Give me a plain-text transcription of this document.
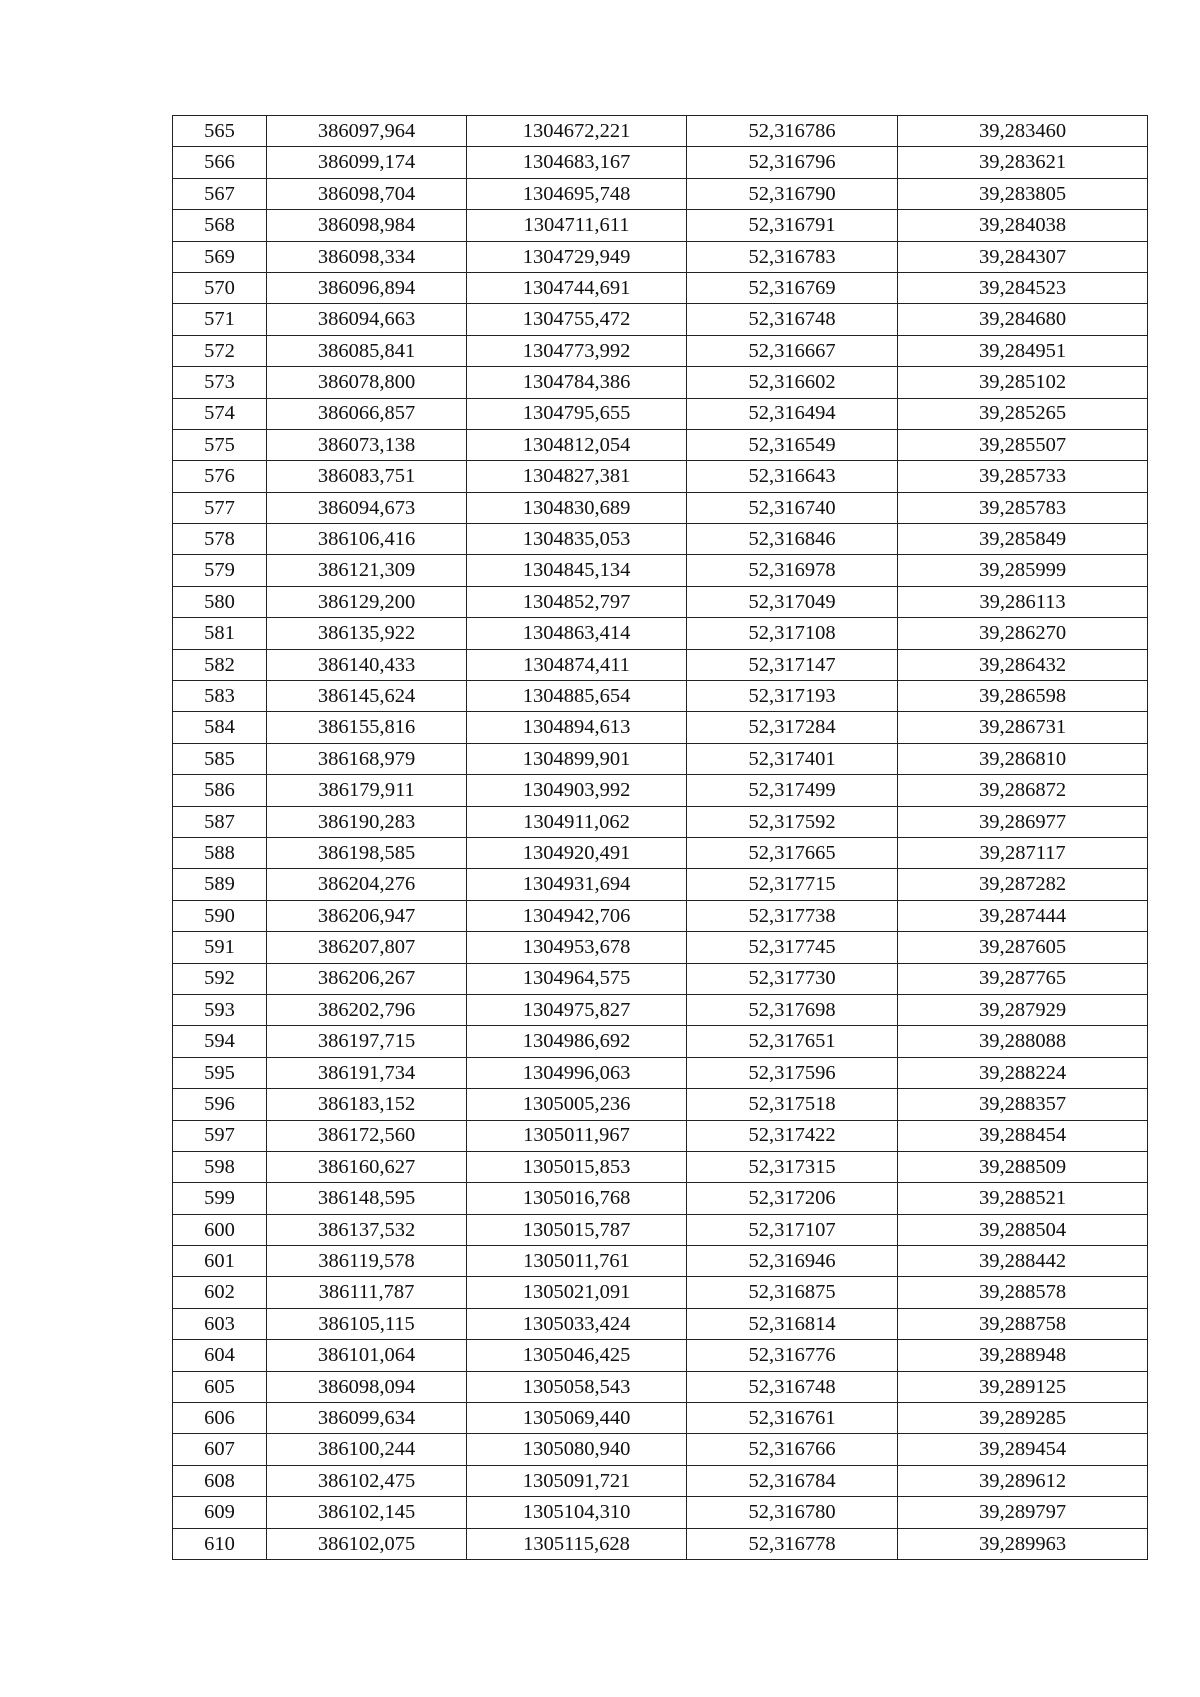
565	386097,964	1304672,221	52,316786	39,283460
566	386099,174	1304683,167	52,316796	39,283621
567	386098,704	1304695,748	52,316790	39,283805
568	386098,984	1304711,611	52,316791	39,284038
569	386098,334	1304729,949	52,316783	39,284307
570	386096,894	1304744,691	52,316769	39,284523
571	386094,663	1304755,472	52,316748	39,284680
572	386085,841	1304773,992	52,316667	39,284951
573	386078,800	1304784,386	52,316602	39,285102
574	386066,857	1304795,655	52,316494	39,285265
575	386073,138	1304812,054	52,316549	39,285507
576	386083,751	1304827,381	52,316643	39,285733
577	386094,673	1304830,689	52,316740	39,285783
578	386106,416	1304835,053	52,316846	39,285849
579	386121,309	1304845,134	52,316978	39,285999
580	386129,200	1304852,797	52,317049	39,286113
581	386135,922	1304863,414	52,317108	39,286270
582	386140,433	1304874,411	52,317147	39,286432
583	386145,624	1304885,654	52,317193	39,286598
584	386155,816	1304894,613	52,317284	39,286731
585	386168,979	1304899,901	52,317401	39,286810
586	386179,911	1304903,992	52,317499	39,286872
587	386190,283	1304911,062	52,317592	39,286977
588	386198,585	1304920,491	52,317665	39,287117
589	386204,276	1304931,694	52,317715	39,287282
590	386206,947	1304942,706	52,317738	39,287444
591	386207,807	1304953,678	52,317745	39,287605
592	386206,267	1304964,575	52,317730	39,287765
593	386202,796	1304975,827	52,317698	39,287929
594	386197,715	1304986,692	52,317651	39,288088
595	386191,734	1304996,063	52,317596	39,288224
596	386183,152	1305005,236	52,317518	39,288357
597	386172,560	1305011,967	52,317422	39,288454
598	386160,627	1305015,853	52,317315	39,288509
599	386148,595	1305016,768	52,317206	39,288521
600	386137,532	1305015,787	52,317107	39,288504
601	386119,578	1305011,761	52,316946	39,288442
602	386111,787	1305021,091	52,316875	39,288578
603	386105,115	1305033,424	52,316814	39,288758
604	386101,064	1305046,425	52,316776	39,288948
605	386098,094	1305058,543	52,316748	39,289125
606	386099,634	1305069,440	52,316761	39,289285
607	386100,244	1305080,940	52,316766	39,289454
608	386102,475	1305091,721	52,316784	39,289612
609	386102,145	1305104,310	52,316780	39,289797
610	386102,075	1305115,628	52,316778	39,289963
